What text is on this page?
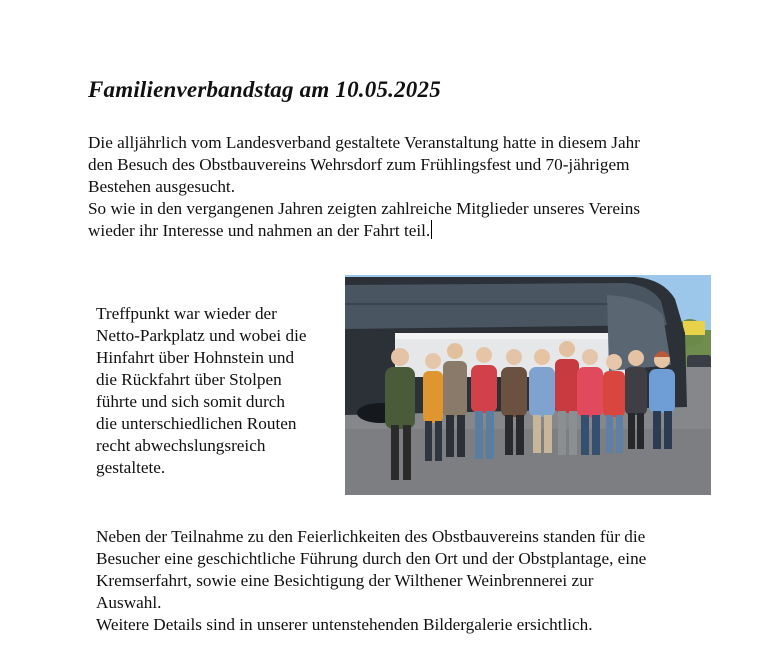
Familienverbandstag am 10.05.2025
Die alljährlich vom Landesverband gestaltete Veranstaltung hatte in diesem Jahr
den Besuch des Obstbauvereins Wehrsdorf zum Frühlingsfest und 70-jährigem
Bestehen ausgesucht.
So wie in den vergangenen Jahren zeigten zahlreiche Mitglieder unseres Vereins
wieder ihr Interesse und nahmen an der Fahrt teil.
Treffpunkt war wieder der
Netto-Parkplatz und wobei die
Hinfahrt über Hohnstein und
die Rückfahrt über Stolpen
führte und sich somit durch
die unterschiedlichen Routen
recht abwechslungsreich
gestaltete.
Neben der Teilnahme zu den Feierlichkeiten des Obstbauvereins standen für die
Besucher eine geschichtliche Führung durch den Ort und der Obstplantage, eine
Kremserfahrt, sowie eine Besichtigung der Wilthener Weinbrennerei zur
Auswahl.
Weitere Details sind in unserer untenstehenden Bildergalerie ersichtlich.
